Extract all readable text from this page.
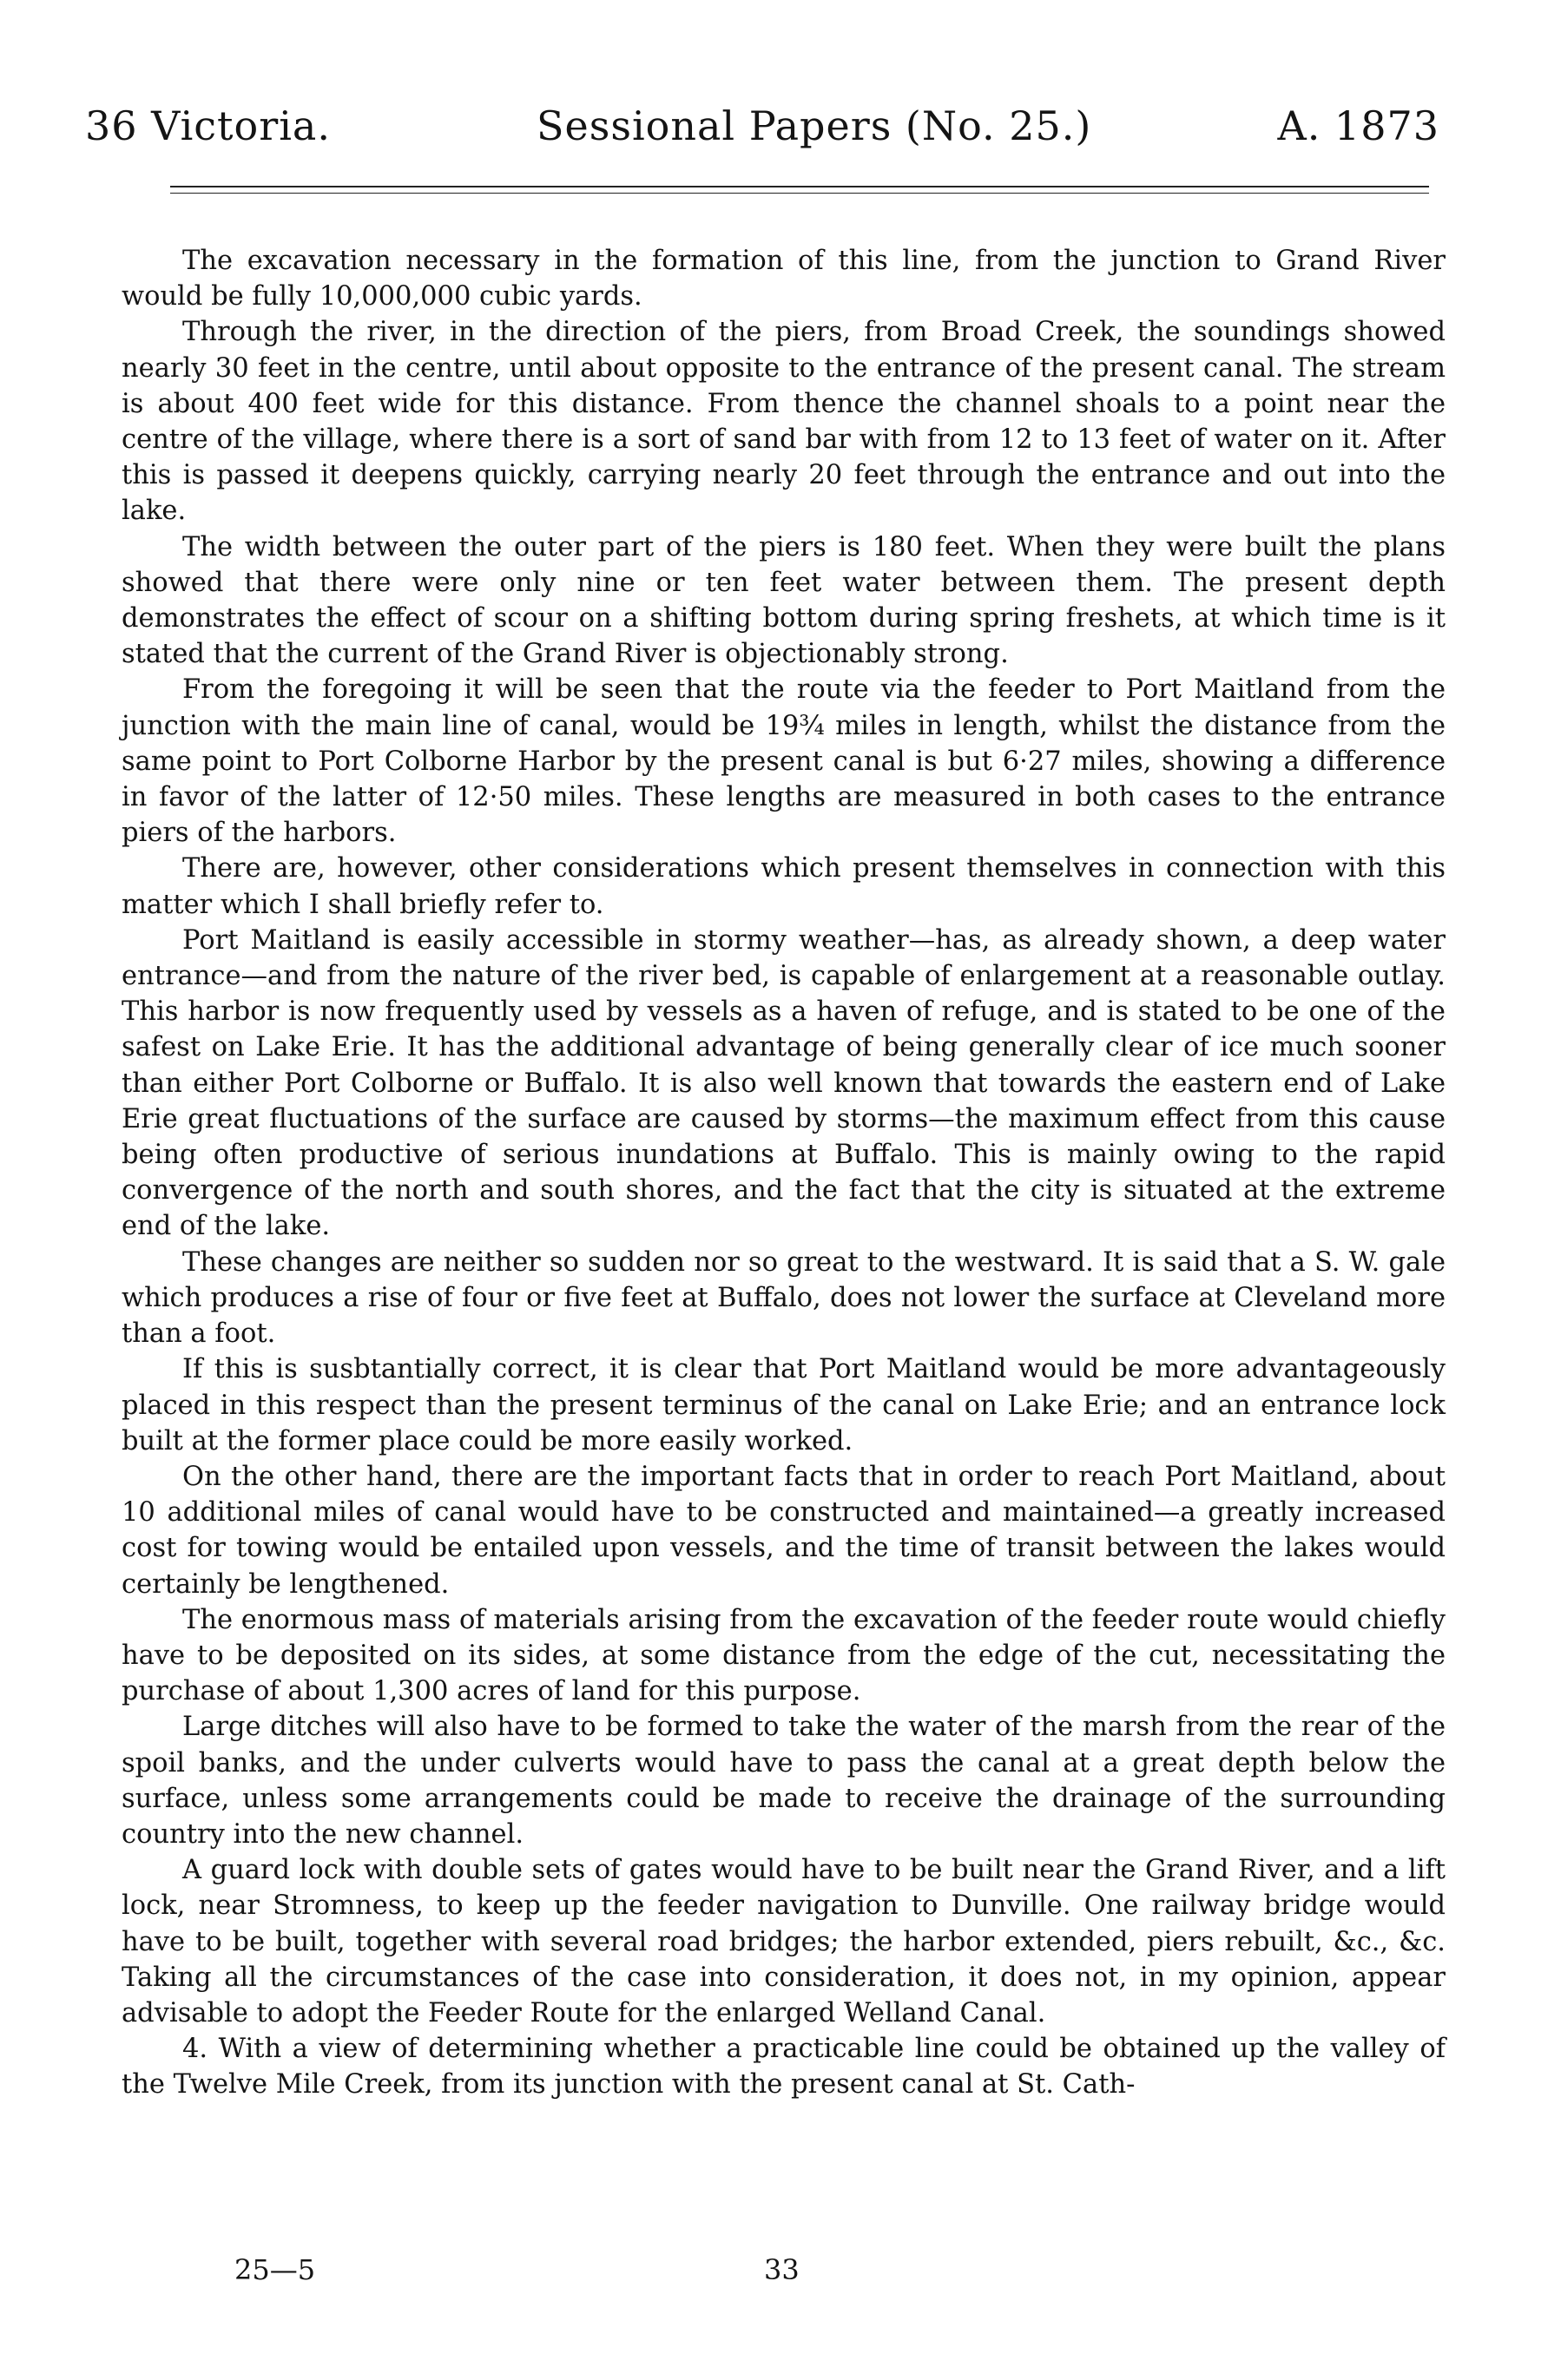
36 Victoria.	Sessional Papers (No. 25.)	A. 1873

The excavation necessary in the formation of this line, from the junction to Grand River would be fully 10,000,000 cubic yards.

Through the river, in the direction of the piers, from Broad Creek, the soundings showed nearly 30 feet in the centre, until about opposite to the entrance of the present canal. The stream is about 400 feet wide for this distance. From thence the channel shoals to a point near the centre of the village, where there is a sort of sand bar with from 12 to 13 feet of water on it. After this is passed it deepens quickly, carrying nearly 20 feet through the entrance and out into the lake.

The width between the outer part of the piers is 180 feet. When they were built the plans showed that there were only nine or ten feet water between them. The present depth demonstrates the effect of scour on a shifting bottom during spring freshets, at which time is it stated that the current of the Grand River is objectionably strong.

From the foregoing it will be seen that the route via the feeder to Port Maitland from the junction with the main line of canal, would be 19¾ miles in length, whilst the distance from the same point to Port Colborne Harbor by the present canal is but 6·27 miles, showing a difference in favor of the latter of 12·50 miles. These lengths are measured in both cases to the entrance piers of the harbors.

There are, however, other considerations which present themselves in connection with this matter which I shall briefly refer to.

Port Maitland is easily accessible in stormy weather—has, as already shown, a deep water entrance—and from the nature of the river bed, is capable of enlargement at a reasonable outlay. This harbor is now frequently used by vessels as a haven of refuge, and is stated to be one of the safest on Lake Erie. It has the additional advantage of being generally clear of ice much sooner than either Port Colborne or Buffalo. It is also well known that towards the eastern end of Lake Erie great fluctuations of the surface are caused by storms—the maximum effect from this cause being often productive of serious inundations at Buffalo. This is mainly owing to the rapid convergence of the north and south shores, and the fact that the city is situated at the extreme end of the lake.

These changes are neither so sudden nor so great to the westward. It is said that a S. W. gale which produces a rise of four or five feet at Buffalo, does not lower the surface at Cleveland more than a foot.

If this is susbtantially correct, it is clear that Port Maitland would be more advantageously placed in this respect than the present terminus of the canal on Lake Erie; and an entrance lock built at the former place could be more easily worked.

On the other hand, there are the important facts that in order to reach Port Maitland, about 10 additional miles of canal would have to be constructed and maintained—a greatly increased cost for towing would be entailed upon vessels, and the time of transit between the lakes would certainly be lengthened.

The enormous mass of materials arising from the excavation of the feeder route would chiefly have to be deposited on its sides, at some distance from the edge of the cut, necessitating the purchase of about 1,300 acres of land for this purpose.

Large ditches will also have to be formed to take the water of the marsh from the rear of the spoil banks, and the under culverts would have to pass the canal at a great depth below the surface, unless some arrangements could be made to receive the drainage of the surrounding country into the new channel.

A guard lock with double sets of gates would have to be built near the Grand River, and a lift lock, near Stromness, to keep up the feeder navigation to Dunville. One railway bridge would have to be built, together with several road bridges; the harbor extended, piers rebuilt, &c., &c. Taking all the circumstances of the case into consideration, it does not, in my opinion, appear advisable to adopt the Feeder Route for the enlarged Welland Canal.

4. With a view of determining whether a practicable line could be obtained up the valley of the Twelve Mile Creek, from its junction with the present canal at St. Cath-

25—5	33
